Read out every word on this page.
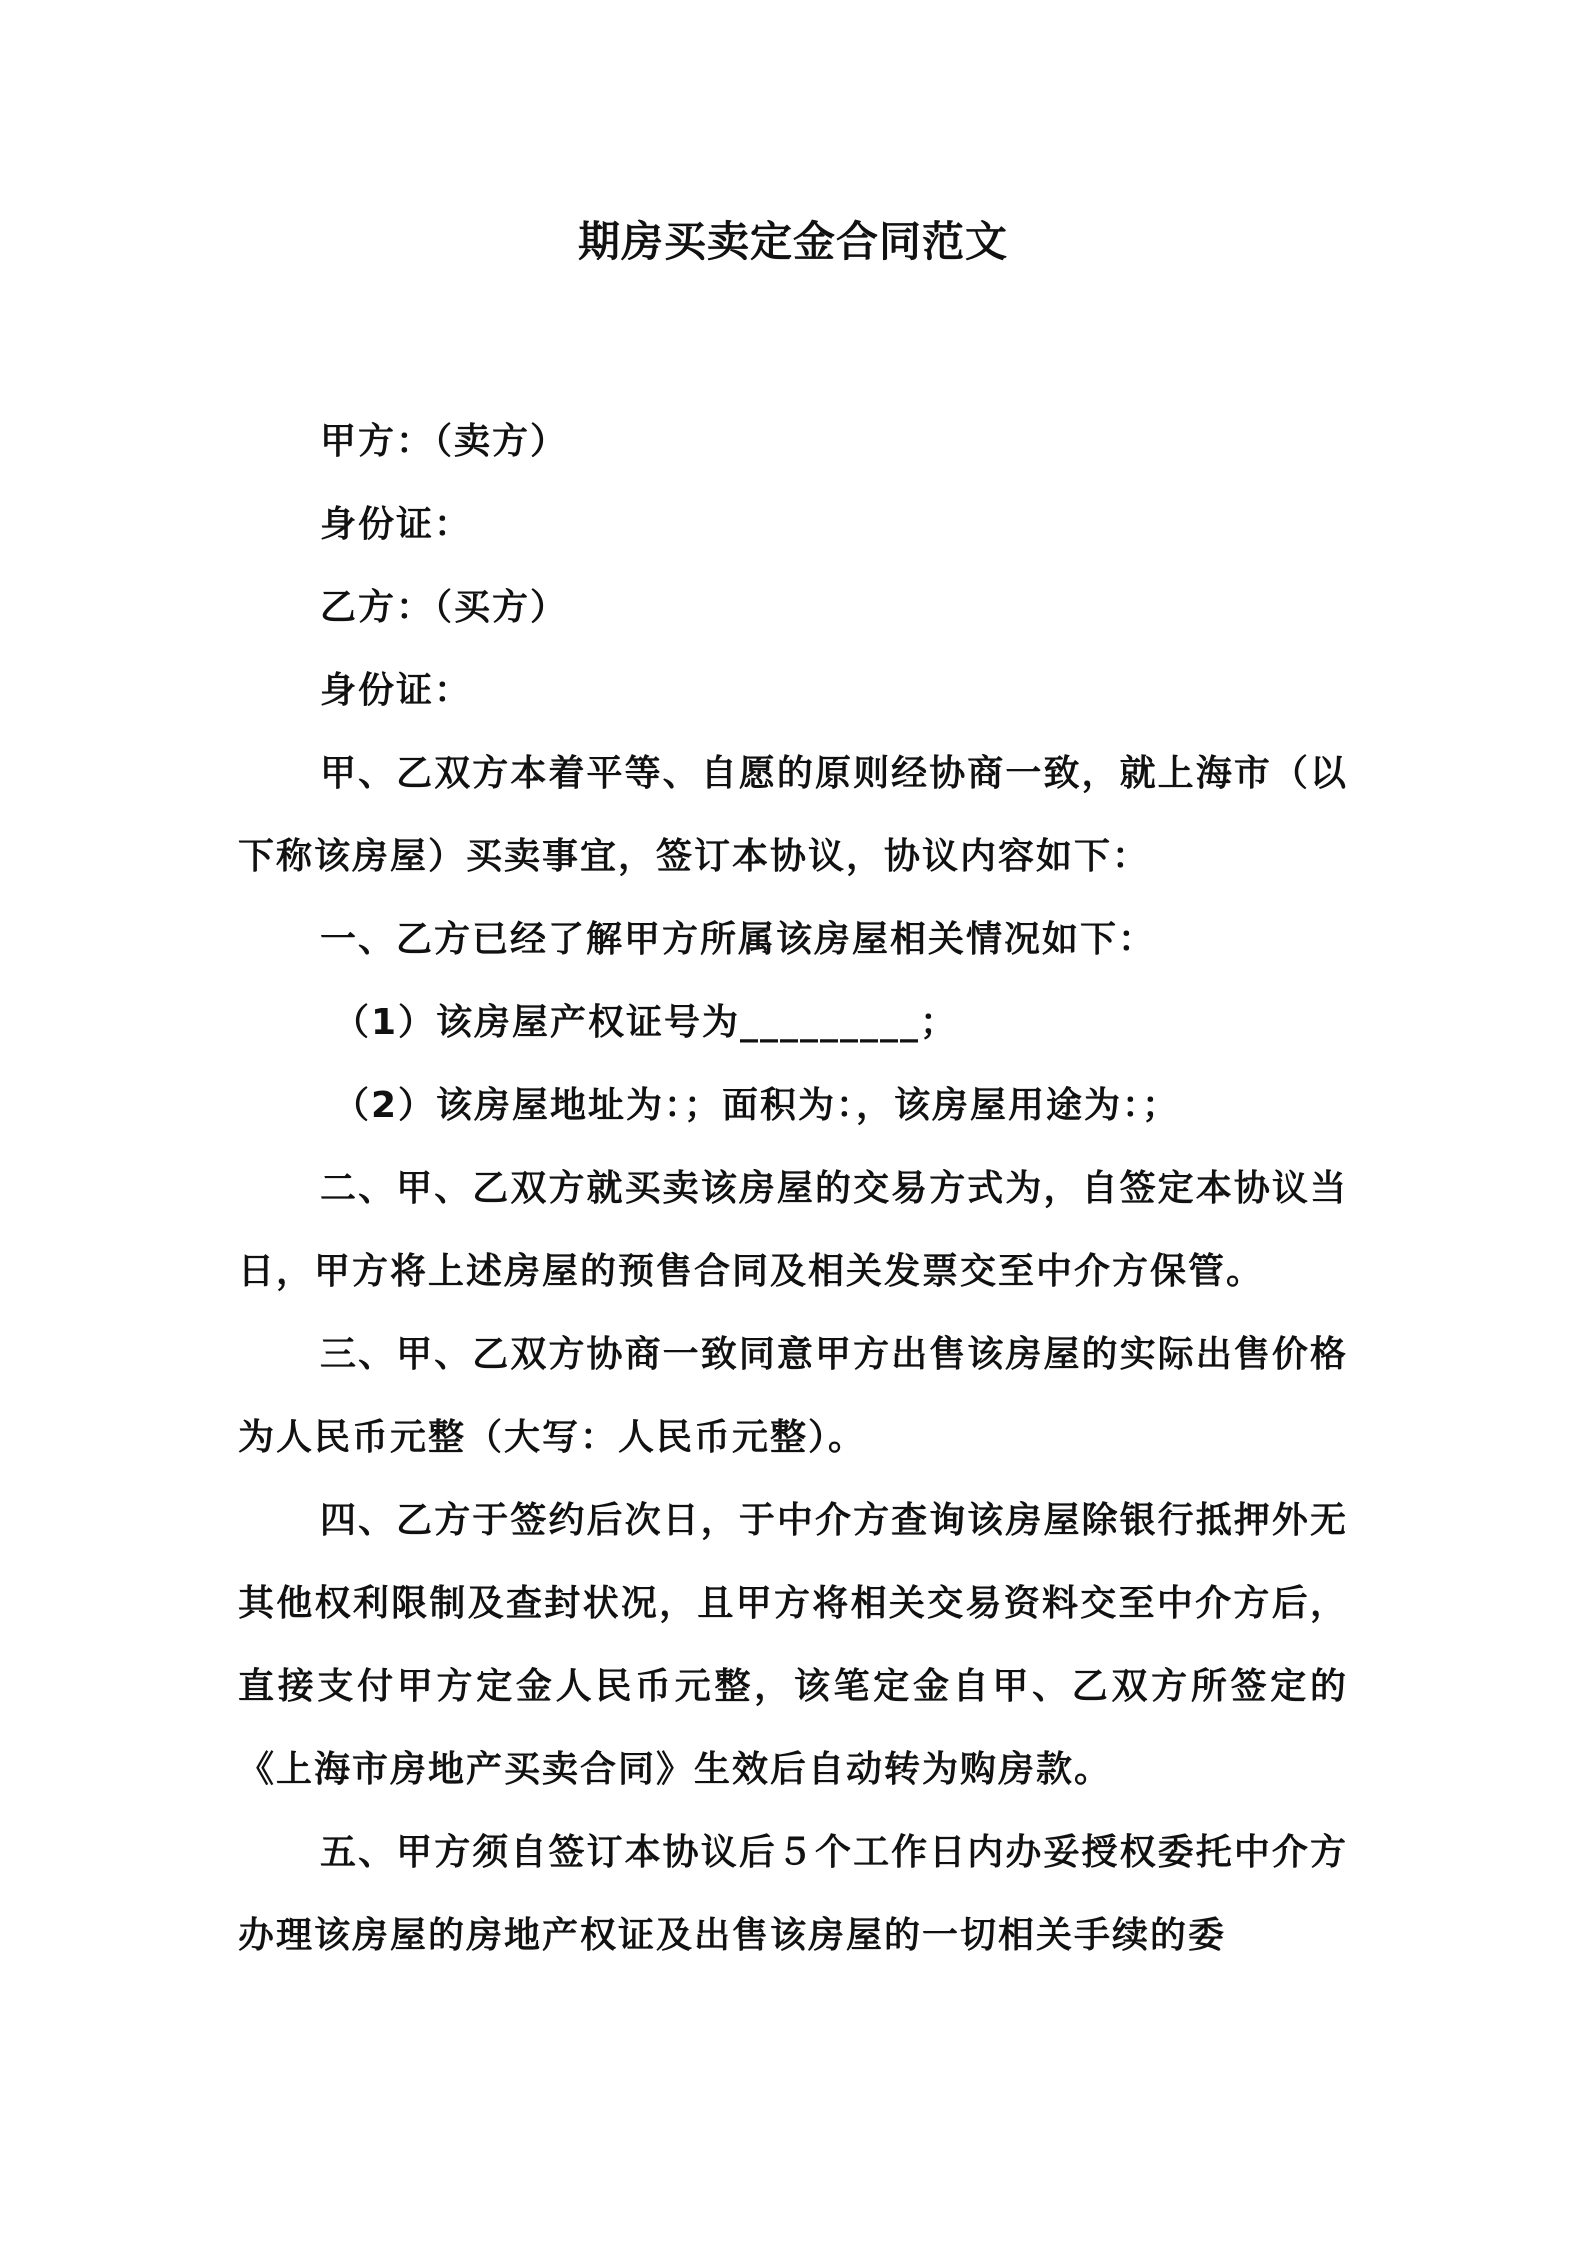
期房买卖定金合同范文
甲方：（卖方）
身份证：
乙方：（买方）
身份证：
甲、乙双方本着平等、自愿的原则经协商一致，就上海市（以下称该房屋）买卖事宜，签订本协议，协议内容如下：
一、乙方已经了解甲方所属该房屋相关情况如下：
（1）该房屋产权证号为_________；
（2）该房屋地址为：；面积为：，该房屋用途为：；
二、甲、乙双方就买卖该房屋的交易方式为，自签定本协议当日，甲方将上述房屋的预售合同及相关发票交至中介方保管。
三、甲、乙双方协商一致同意甲方出售该房屋的实际出售价格为人民币元整（大写：人民币元整）。
四、乙方于签约后次日，于中介方查询该房屋除银行抵押外无其他权利限制及查封状况，且甲方将相关交易资料交至中介方后，直接支付甲方定金人民币元整，该笔定金自甲、乙双方所签定的《上海市房地产买卖合同》生效后自动转为购房款。
五、甲方须自签订本协议后５个工作日内办妥授权委托中介方办理该房屋的房地产权证及出售该房屋的一切相关手续的委
